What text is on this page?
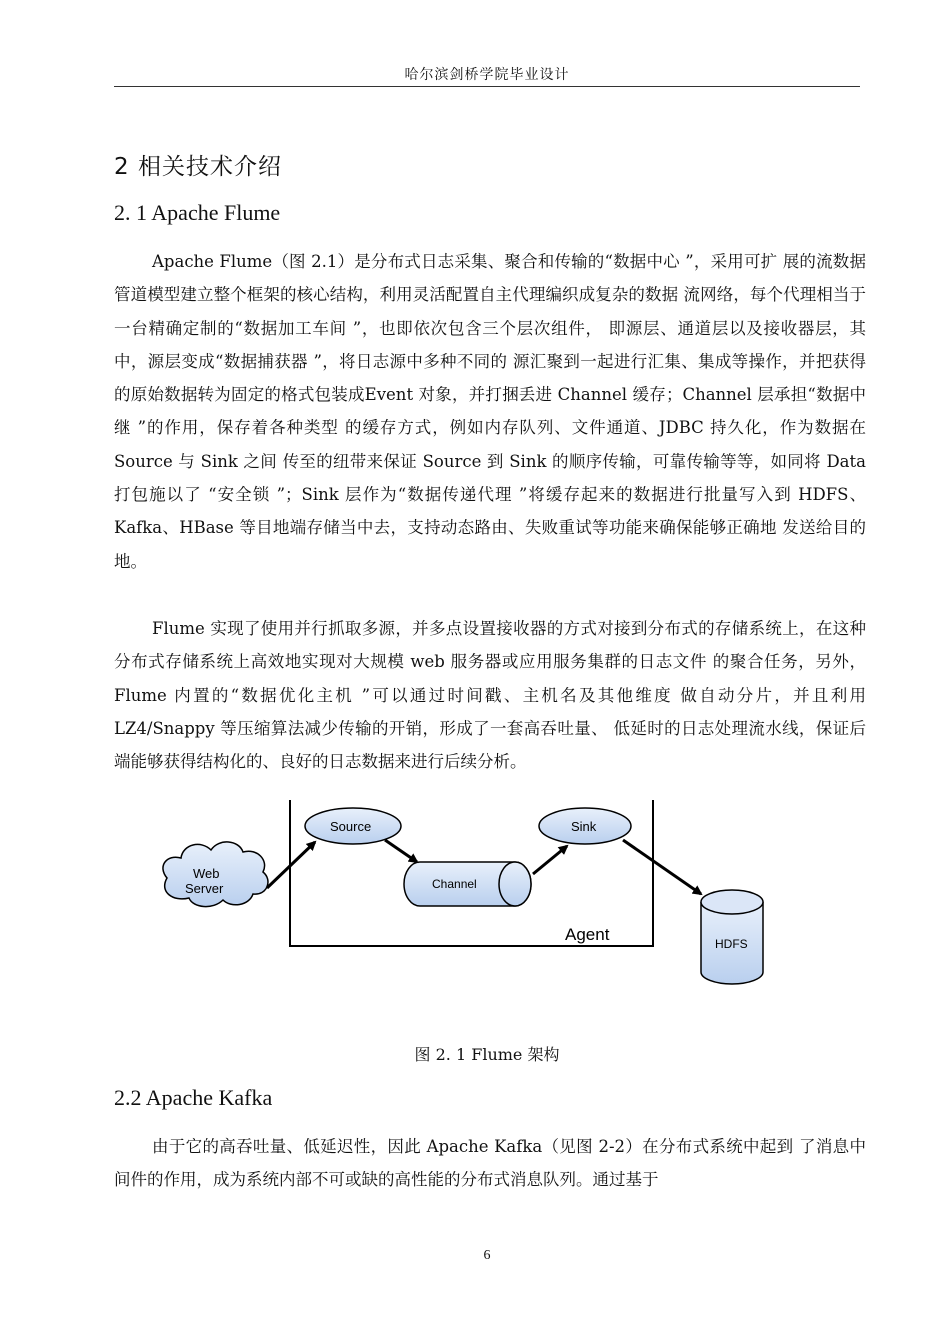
哈尔滨剑桥学院毕业设计
2 相关技术介绍
2. 1 Apache Flume

Apache Flume（图 2.1）是分布式日志采集、聚合和传输的“数据中心 ”，采用可扩 展的流数据管道模型建立整个框架的核心结构，利用灵活配置自主代理编织成复杂的数据 流网络，每个代理相当于一台精确定制的“数据加工车间 ”，也即依次包含三个层次组件， 即源层、通道层以及接收器层，其中，源层变成“数据捕获器 ”，将日志源中多种不同的 源汇聚到一起进行汇集、集成等操作，并把获得的原始数据转为固定的格式包装成Event 对象，并打捆丢进 Channel 缓存；Channel 层承担“数据中继 ”的作用，保存着各种类型 的缓存方式，例如内存队列、文件通道、JDBC 持久化，作为数据在 Source 与 Sink 之间 传至的纽带来保证 Source 到 Sink 的顺序传输，可靠传输等等，如同将 Data 打包施以了 “安全锁 ”；Sink 层作为“数据传递代理 ”将缓存起来的数据进行批量写入到 HDFS、 Kafka、HBase 等目地端存储当中去，支持动态路由、失败重试等功能来确保能够正确地 发送给目的地。

Flume 实现了使用并行抓取多源，并多点设置接收器的方式对接到分布式的存储系统上，在这种分布式存储系统上高效地实现对大规模 web 服务器或应用服务集群的日志文件 的聚合任务，另外，Flume 内置的“数据优化主机 ”可以通过时间戳、主机名及其他维度 做自动分片，并且利用LZ4/Snappy 等压缩算法减少传输的开销，形成了一套高吞吐量、 低延时的日志处理流水线，保证后端能够获得结构化的、良好的日志数据来进行后续分析。

Agent
Web
Server
Source	Sink
Channel
HDFS
图 2. 1 Flume 架构
2.2 Apache Kafka

由于它的高吞吐量、低延迟性，因此 Apache Kafka（见图 2-2）在分布式系统中起到 了消息中间件的作用，成为系统内部不可或缺的高性能的分布式消息队列。通过基于

6
